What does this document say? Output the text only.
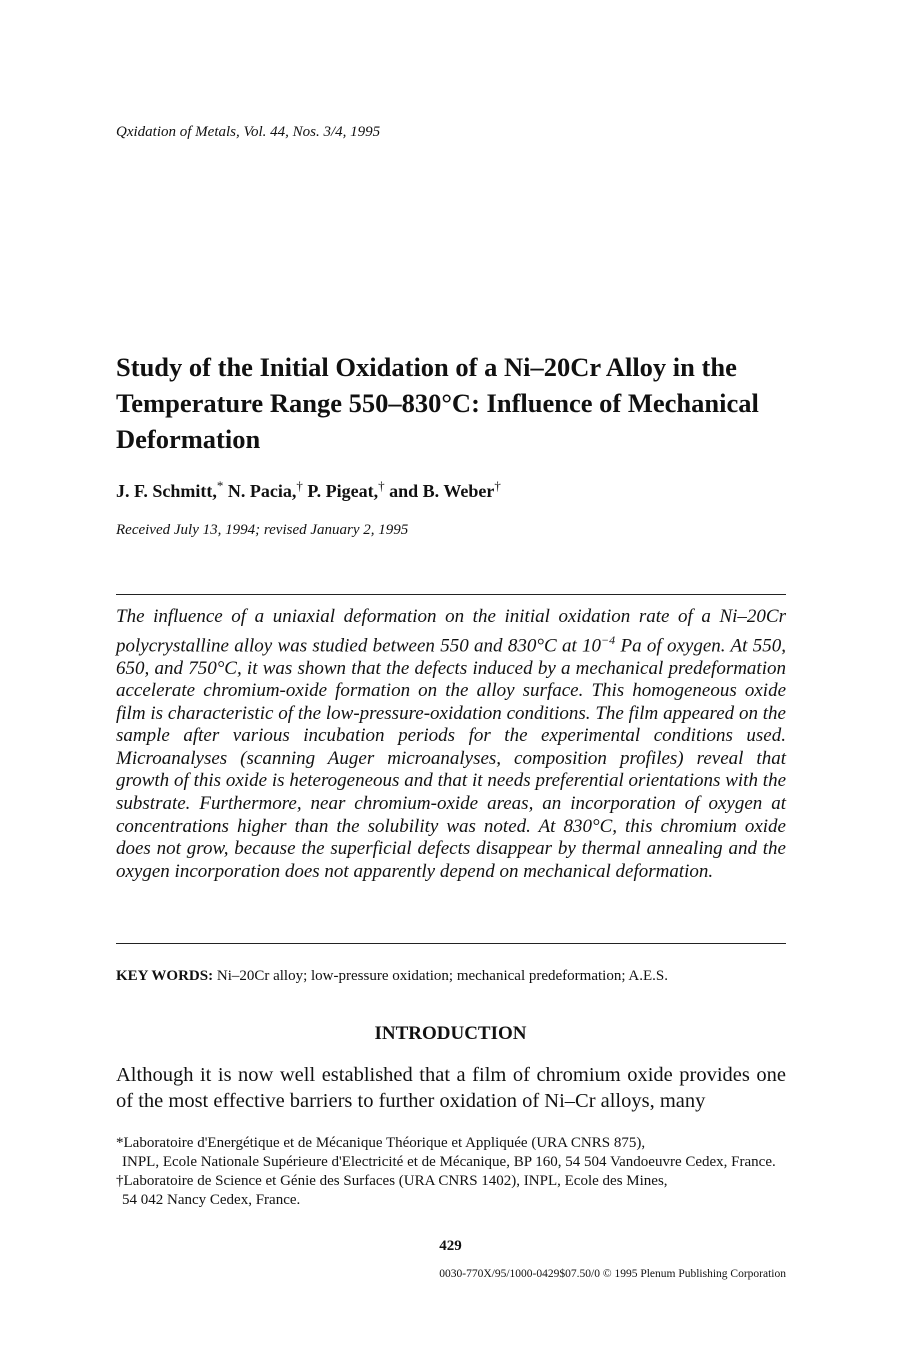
Qxidation of Metals, Vol. 44, Nos. 3/4, 1995
Study of the Initial Oxidation of a Ni–20Cr Alloy in the Temperature Range 550–830°C: Influence of Mechanical Deformation
J. F. Schmitt,* N. Pacia,† P. Pigeat,† and B. Weber†
Received July 13, 1994; revised January 2, 1995
The influence of a uniaxial deformation on the initial oxidation rate of a Ni–20Cr polycrystalline alloy was studied between 550 and 830°C at $10^{-4}$ Pa of oxygen. At 550, 650, and 750°C, it was shown that the defects induced by a mechanical predeformation accelerate chromium-oxide formation on the alloy surface. This homogeneous oxide film is characteristic of the low-pressure-oxidation conditions. The film appeared on the sample after various incubation periods for the experimental conditions used. Microanalyses (scanning Auger microanalyses, composition profiles) reveal that growth of this oxide is heterogeneous and that it needs preferential orientations with the substrate. Furthermore, near chromium-oxide areas, an incorporation of oxygen at concentrations higher than the solubility was noted. At 830°C, this chromium oxide does not grow, because the superficial defects disappear by thermal annealing and the oxygen incorporation does not apparently depend on mechanical deformation.
KEY WORDS: Ni–20Cr alloy; low-pressure oxidation; mechanical predeformation; A.E.S.
INTRODUCTION
Although it is now well established that a film of chromium oxide provides one of the most effective barriers to further oxidation of Ni–Cr alloys, many
*Laboratoire d'Energétique et de Mécanique Théorique et Appliquée (URA CNRS 875),
INPL, Ecole Nationale Supérieure d'Electricité et de Mécanique, BP 160, 54 504 Vandoeuvre Cedex, France.
†Laboratoire de Science et Génie des Surfaces (URA CNRS 1402), INPL, Ecole des Mines,
54 042 Nancy Cedex, France.
429
0030-770X/95/1000-0429$07.50/0 © 1995 Plenum Publishing Corporation
